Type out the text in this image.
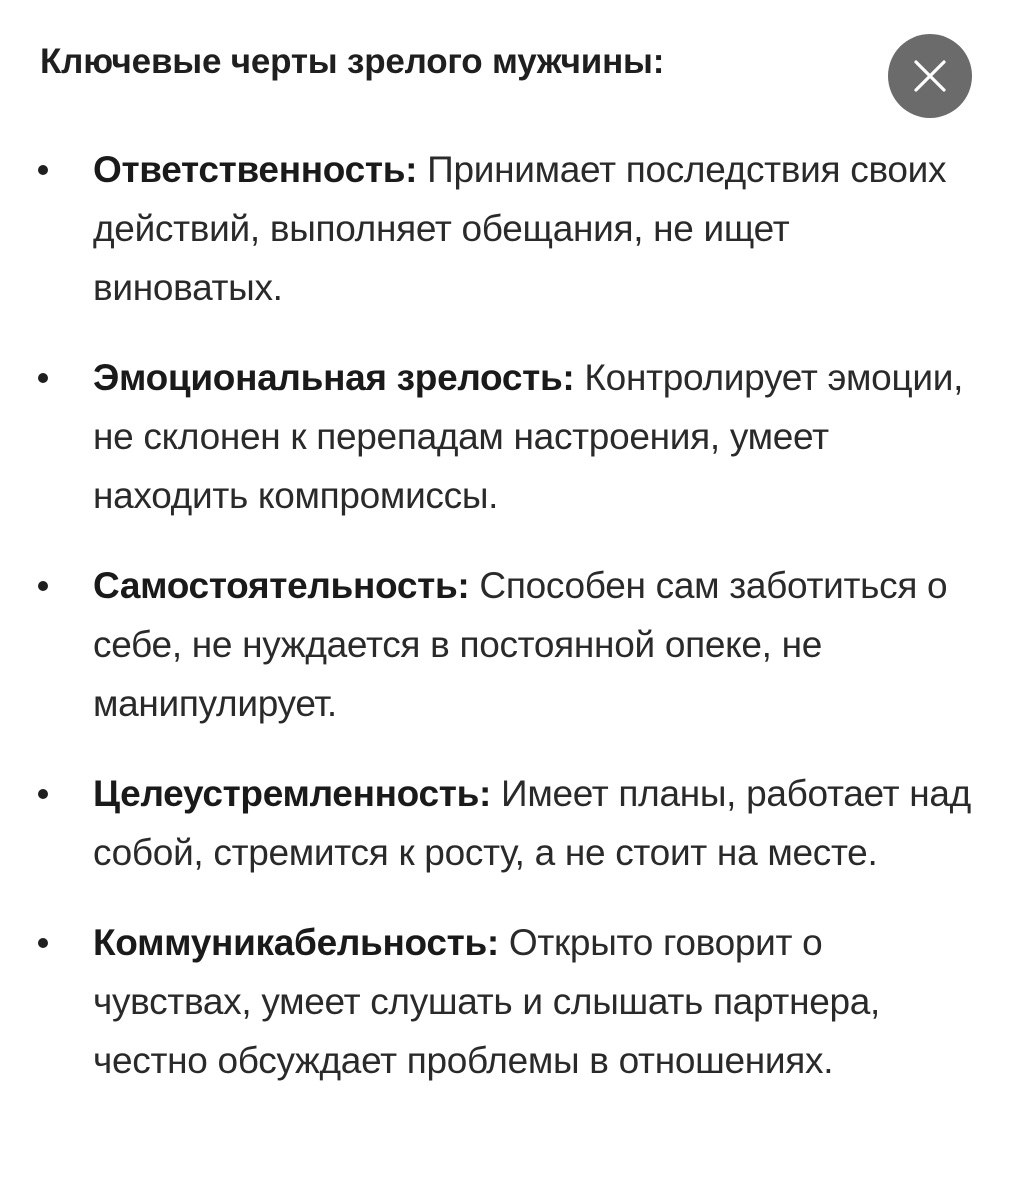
Ключевые черты зрелого мужчины:
Ответственность: Принимает последствия своих действий, выполняет обещания, не ищет виноватых.
Эмоциональная зрелость: Контролирует эмоции, не склонен к перепадам настроения, умеет находить компромиссы.
Самостоятельность: Способен сам заботиться о себе, не нуждается в постоянной опеке, не манипулирует.
Целеустремленность: Имеет планы, работает над собой, стремится к росту, а не стоит на месте.
Коммуникабельность: Открыто говорит о чувствах, умеет слушать и слышать партнера, честно обсуждает проблемы в отношениях.
